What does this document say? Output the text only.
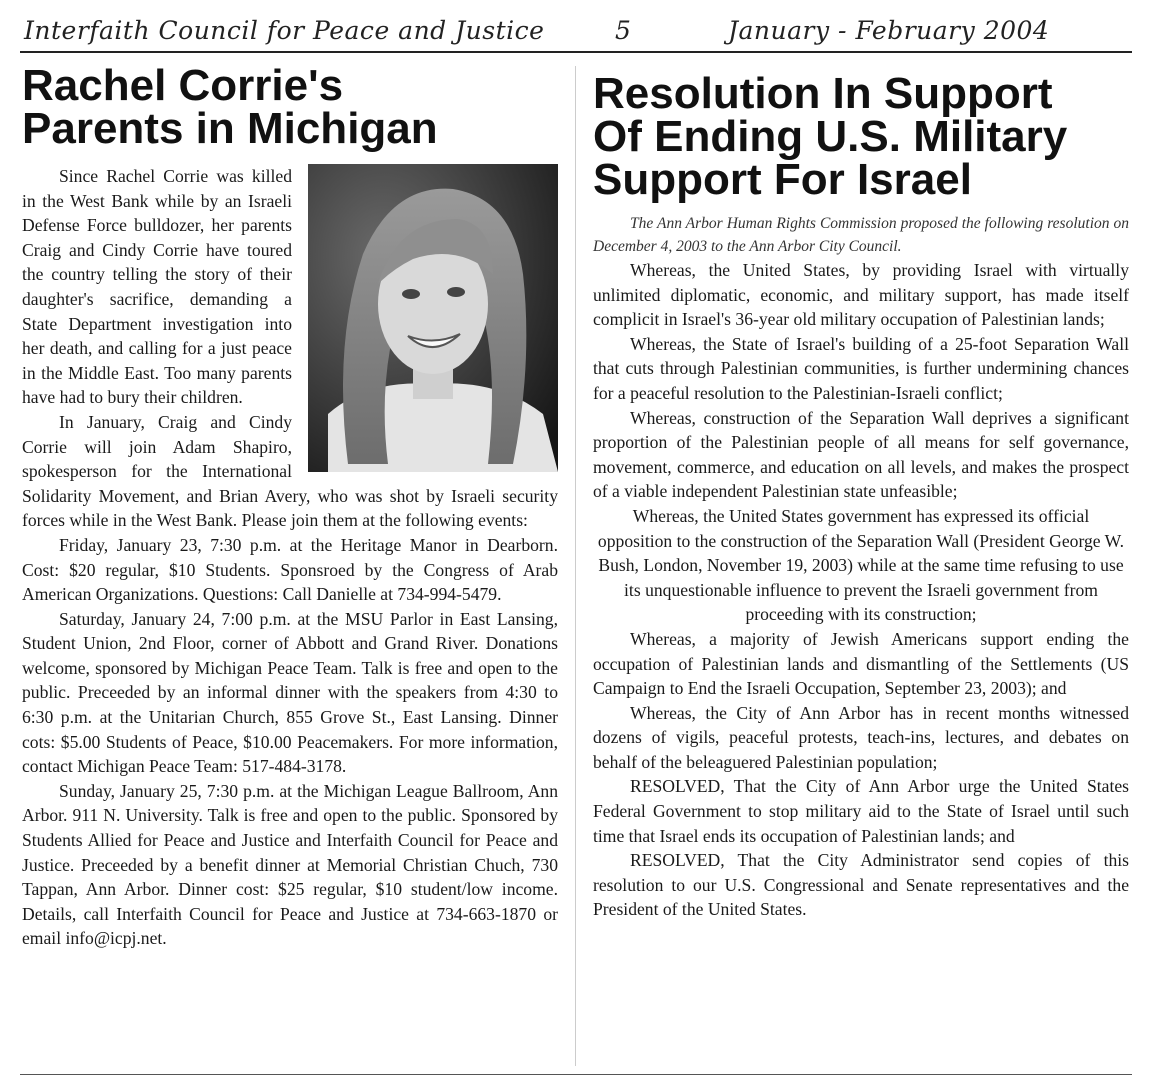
Interfaith Council for Peace and Justice	5	January - February 2004
Rachel Corrie's
Parents in Michigan

Since Rachel Corrie was killed in the West Bank while by an Israeli Defense Force bulldozer, her parents Craig and Cindy Corrie have toured the country telling the story of their daughter's sacrifice, demanding a State Department investigation into her death, and calling for a just peace in the Middle East. Too many parents have had to bury their children.

In January, Craig and Cindy Corrie will join Adam Shapiro, spokesperson for the International Solidarity Movement, and Brian Avery, who was shot by Israeli security forces while in the West Bank. Please join them at the following events:

Friday, January 23, 7:30 p.m. at the Heritage Manor in Dearborn. Cost: $20 regular, $10 Students. Sponsroed by the Congress of Arab American Organizations. Questions: Call Danielle at 734-994-5479.

Saturday, January 24, 7:00 p.m. at the MSU Parlor in East Lansing, Student Union, 2nd Floor, corner of Abbott and Grand River. Donations welcome, sponsored by Michigan Peace Team. Talk is free and open to the public. Preceeded by an informal dinner with the speakers from 4:30 to 6:30 p.m. at the Unitarian Church, 855 Grove St., East Lansing. Dinner cots: $5.00 Students of Peace, $10.00 Peacemakers. For more information, contact Michigan Peace Team: 517-484-3178.

Sunday, January 25, 7:30 p.m. at the Michigan League Ballroom, Ann Arbor. 911 N. University. Talk is free and open to the public. Sponsored by Students Allied for Peace and Justice and Interfaith Council for Peace and Justice. Preceeded by a benefit dinner at Memorial Christian Chuch, 730 Tappan, Ann Arbor. Dinner cost: $25 regular, $10 student/low income. Details, call Interfaith Council for Peace and Justice at 734-663-1870 or email info@icpj.net.

Resolution In Support
Of Ending U.S. Military
Support For Israel

The Ann Arbor Human Rights Commission proposed the following resolution on December 4, 2003 to the Ann Arbor City Council.

Whereas, the United States, by providing Israel with virtually unlimited diplomatic, economic, and military support, has made itself complicit in Israel's 36-year old military occupation of Palestinian lands;

Whereas, the State of Israel's building of a 25-foot Separation Wall that cuts through Palestinian communities, is further undermining chances for a peaceful resolution to the Palestinian-Israeli conflict;

Whereas, construction of the Separation Wall deprives a significant proportion of the Palestinian people of all means for self governance, movement, commerce, and education on all levels, and makes the prospect of a viable independent Palestinian state unfeasible;

Whereas, the United States government has expressed its official opposition to the construction of the Separation Wall (President George W. Bush, London, November 19, 2003) while at the same time refusing to use its unquestionable influence to prevent the Israeli government from proceeding with its construction;

Whereas, a majority of Jewish Americans support ending the occupation of Palestinian lands and dismantling of the Settlements (US Campaign to End the Israeli Occupation, September 23, 2003); and

Whereas, the City of Ann Arbor has in recent months witnessed dozens of vigils, peaceful protests, teach-ins, lectures, and debates on behalf of the beleaguered Palestinian population;

RESOLVED, That the City of Ann Arbor urge the United States Federal Government to stop military aid to the State of Israel until such time that Israel ends its occupation of Palestinian lands; and

RESOLVED, That the City Administrator send copies of this resolution to our U.S. Congressional and Senate representatives and the President of the United States.
